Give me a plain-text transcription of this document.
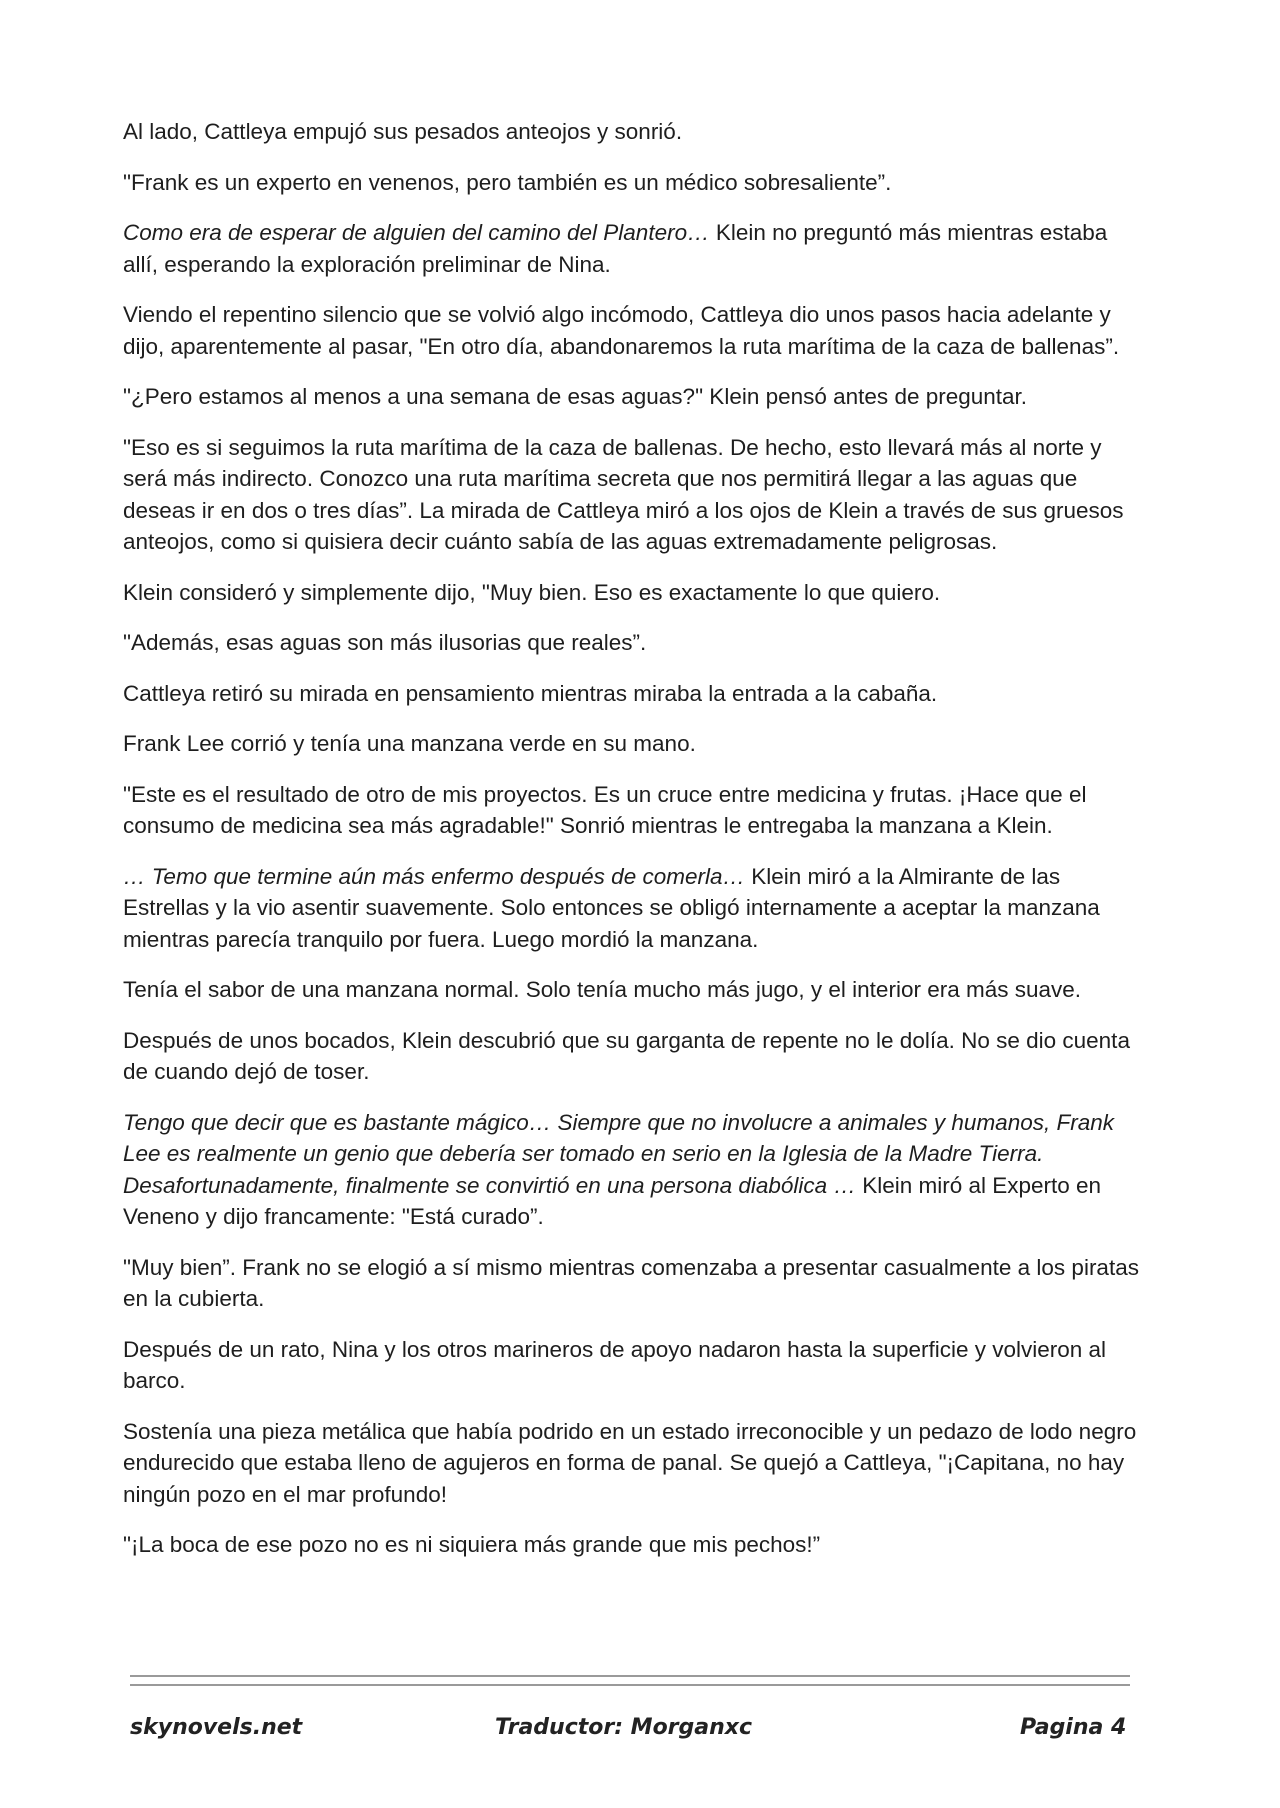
Al lado, Cattleya empujó sus pesados anteojos y sonrió.

"Frank es un experto en venenos, pero también es un médico sobresaliente”.

Como era de esperar de alguien del camino del Plantero… Klein no preguntó más mientras estaba allí, esperando la exploración preliminar de Nina.

Viendo el repentino silencio que se volvió algo incómodo, Cattleya dio unos pasos hacia adelante y dijo, aparentemente al pasar, "En otro día, abandonaremos la ruta marítima de la caza de ballenas”.

"¿Pero estamos al menos a una semana de esas aguas?" Klein pensó antes de preguntar.

"Eso es si seguimos la ruta marítima de la caza de ballenas. De hecho, esto llevará más al norte y será más indirecto. Conozco una ruta marítima secreta que nos permitirá llegar a las aguas que deseas ir en dos o tres días”. La mirada de Cattleya miró a los ojos de Klein a través de sus gruesos anteojos, como si quisiera decir cuánto sabía de las aguas extremadamente peligrosas.

Klein consideró y simplemente dijo, "Muy bien. Eso es exactamente lo que quiero.

"Además, esas aguas son más ilusorias que reales”.

Cattleya retiró su mirada en pensamiento mientras miraba la entrada a la cabaña.

Frank Lee corrió y tenía una manzana verde en su mano.

"Este es el resultado de otro de mis proyectos. Es un cruce entre medicina y frutas. ¡Hace que el consumo de medicina sea más agradable!" Sonrió mientras le entregaba la manzana a Klein.

… Temo que termine aún más enfermo después de comerla… Klein miró a la Almirante de las Estrellas y la vio asentir suavemente. Solo entonces se obligó internamente a aceptar la manzana mientras parecía tranquilo por fuera. Luego mordió la manzana.

Tenía el sabor de una manzana normal. Solo tenía mucho más jugo, y el interior era más suave.

Después de unos bocados, Klein descubrió que su garganta de repente no le dolía. No se dio cuenta de cuando dejó de toser.

Tengo que decir que es bastante mágico… Siempre que no involucre a animales y humanos, Frank Lee es realmente un genio que debería ser tomado en serio en la Iglesia de la Madre Tierra. Desafortunadamente, finalmente se convirtió en una persona diabólica … Klein miró al Experto en Veneno y dijo francamente: "Está curado”.

"Muy bien”. Frank no se elogió a sí mismo mientras comenzaba a presentar casualmente a los piratas en la cubierta.

Después de un rato, Nina y los otros marineros de apoyo nadaron hasta la superficie y volvieron al barco.

Sostenía una pieza metálica que había podrido en un estado irreconocible y un pedazo de lodo negro endurecido que estaba lleno de agujeros en forma de panal. Se quejó a Cattleya, "¡Capitana, no hay ningún pozo en el mar profundo!

"¡La boca de ese pozo no es ni siquiera más grande que mis pechos!”

skynovels.net	Traductor: Morganxc	Pagina 4
